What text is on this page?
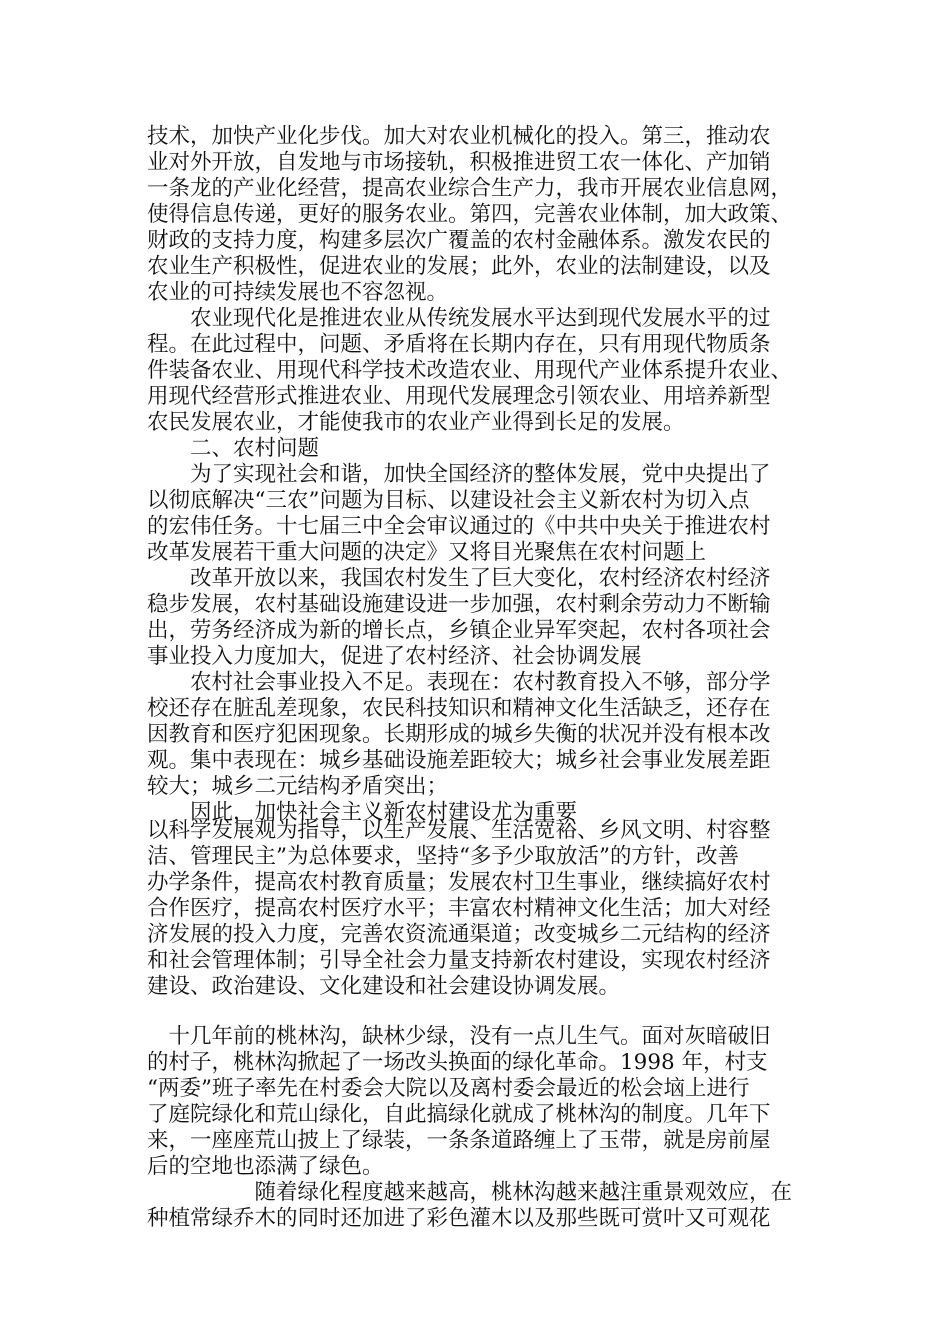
技术，加快产业化步伐。加大对农业机械化的投入。第三，推动农
业对外开放，自发地与市场接轨，积极推进贸工农一体化、产加销
一条龙的产业化经营，提高农业综合生产力，我市开展农业信息网，
使得信息传递，更好的服务农业。第四，完善农业体制，加大政策、
财政的支持力度，构建多层次广覆盖的农村金融体系。激发农民的
农业生产积极性，促进农业的发展；此外，农业的法制建设，以及
农业的可持续发展也不容忽视。
　　农业现代化是推进农业从传统发展水平达到现代发展水平的过
程。在此过程中，问题、矛盾将在长期内存在，只有用现代物质条
件装备农业、用现代科学技术改造农业、用现代产业体系提升农业、
用现代经营形式推进农业、用现代发展理念引领农业、用培养新型
农民发展农业，才能使我市的农业产业得到长足的发展。
　　二、农村问题
　　为了实现社会和谐，加快全国经济的整体发展，党中央提出了
以彻底解决“三农”问题为目标、以建设社会主义新农村为切入点
的宏伟任务。十七届三中全会审议通过的《中共中央关于推进农村
改革发展若干重大问题的决定》又将目光聚焦在农村问题上
　　改革开放以来，我国农村发生了巨大变化，农村经济农村经济
稳步发展，农村基础设施建设进一步加强，农村剩余劳动力不断输
出，劳务经济成为新的增长点，乡镇企业异军突起，农村各项社会
事业投入力度加大，促进了农村经济、社会协调发展
　　农村社会事业投入不足。表现在：农村教育投入不够，部分学
校还存在脏乱差现象，农民科技知识和精神文化生活缺乏，还存在
因教育和医疗犯困现象。长期形成的城乡失衡的状况并没有根本改
观。集中表现在：城乡基础设施差距较大；城乡社会事业发展差距
较大；城乡二元结构矛盾突出；
　　因此，加快社会主义新农村建设尤为重要
以科学发展观为指导，以生产发展、生活宽裕、乡风文明、村容整
洁、管理民主”为总体要求，坚持“多予少取放活”的方针，改善
办学条件，提高农村教育质量；发展农村卫生事业，继续搞好农村
合作医疗，提高农村医疗水平；丰富农村精神文化生活；加大对经
济发展的投入力度，完善农资流通渠道；改变城乡二元结构的经济
和社会管理体制；引导全社会力量支持新农村建设，实现农村经济
建设、政治建设、文化建设和社会建设协调发展。
　十几年前的桃林沟，缺林少绿，没有一点儿生气。面对灰暗破旧
的村子，桃林沟掀起了一场改头换面的绿化革命。1998 年，村支
“两委”班子率先在村委会大院以及离村委会最近的松会垴上进行
了庭院绿化和荒山绿化，自此搞绿化就成了桃林沟的制度。几年下
来，一座座荒山披上了绿装，一条条道路缠上了玉带，就是房前屋
后的空地也添满了绿色。
　　　　　随着绿化程度越来越高，桃林沟越来越注重景观效应，在
种植常绿乔木的同时还加进了彩色灌木以及那些既可赏叶又可观花
